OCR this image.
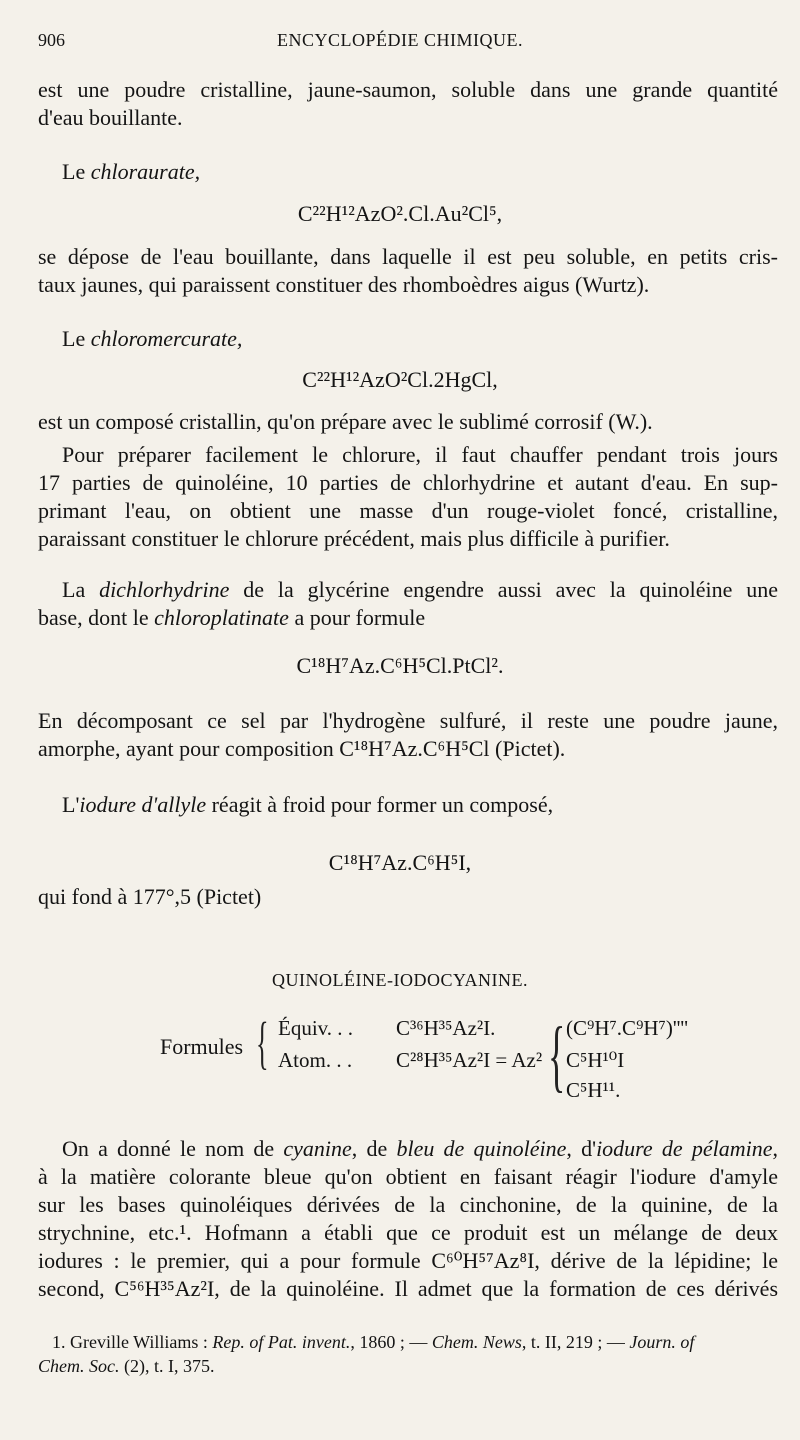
906	ENCYCLOPÉDIE CHIMIQUE.
est une poudre cristalline, jaune-saumon, soluble dans une grande quantité
d'eau bouillante.
Le chloraurate,
C²²H¹²AzO².Cl.Au²Cl⁵,
se dépose de l'eau bouillante, dans laquelle il est peu soluble, en petits cris-
taux jaunes, qui paraissent constituer des rhomboèdres aigus (Wurtz).
Le chloromercurate,
C²²H¹²AzO²Cl.2HgCl,
est un composé cristallin, qu'on prépare avec le sublimé corrosif (W.).
Pour préparer facilement le chlorure, il faut chauffer pendant trois jours
17 parties de quinoléine, 10 parties de chlorhydrine et autant d'eau. En sup-
primant l'eau, on obtient une masse d'un rouge-violet foncé, cristalline,
paraissant constituer le chlorure précédent, mais plus difficile à purifier.
La dichlorhydrine de la glycérine engendre aussi avec la quinoléine une
base, dont le chloroplatinate a pour formule
C¹⁸H⁷Az.C⁶H⁵Cl.PtCl².
En décomposant ce sel par l'hydrogène sulfuré, il reste une poudre jaune,
amorphe, ayant pour composition C¹⁸H⁷Az.C⁶H⁵Cl (Pictet).
L'iodure d'allyle réagit à froid pour former un composé,
C¹⁸H⁷Az.C⁶H⁵I,
qui fond à 177°,5 (Pictet)
QUINOLÉINE-IODOCYANINE.
Formules { Équiv. . . C³⁶H³⁵Az²I.
Atom. . . C²⁸H³⁵Az²I = Az² { (C⁹H⁷.C⁹H⁷)''''
C⁵H¹⁰I
C⁵H¹¹.
On a donné le nom de cyanine, de bleu de quinoléine, d'iodure de pélamine,
à la matière colorante bleue qu'on obtient en faisant réagir l'iodure d'amyle
sur les bases quinoléiques dérivées de la cinchonine, de la quinine, de la
strychnine, etc.¹. Hofmann a établi que ce produit est un mélange de deux
iodures : le premier, qui a pour formule C⁶⁰H⁵⁷Az⁸I, dérive de la lépidine; le
second, C⁵⁶H³⁵Az²I, de la quinoléine. Il admet que la formation de ces dérivés
1. Greville Williams : Rep. of Pat. invent., 1860 ; — Chem. News, t. II, 219 ; — Journ. of
Chem. Soc. (2), t. I, 375.
